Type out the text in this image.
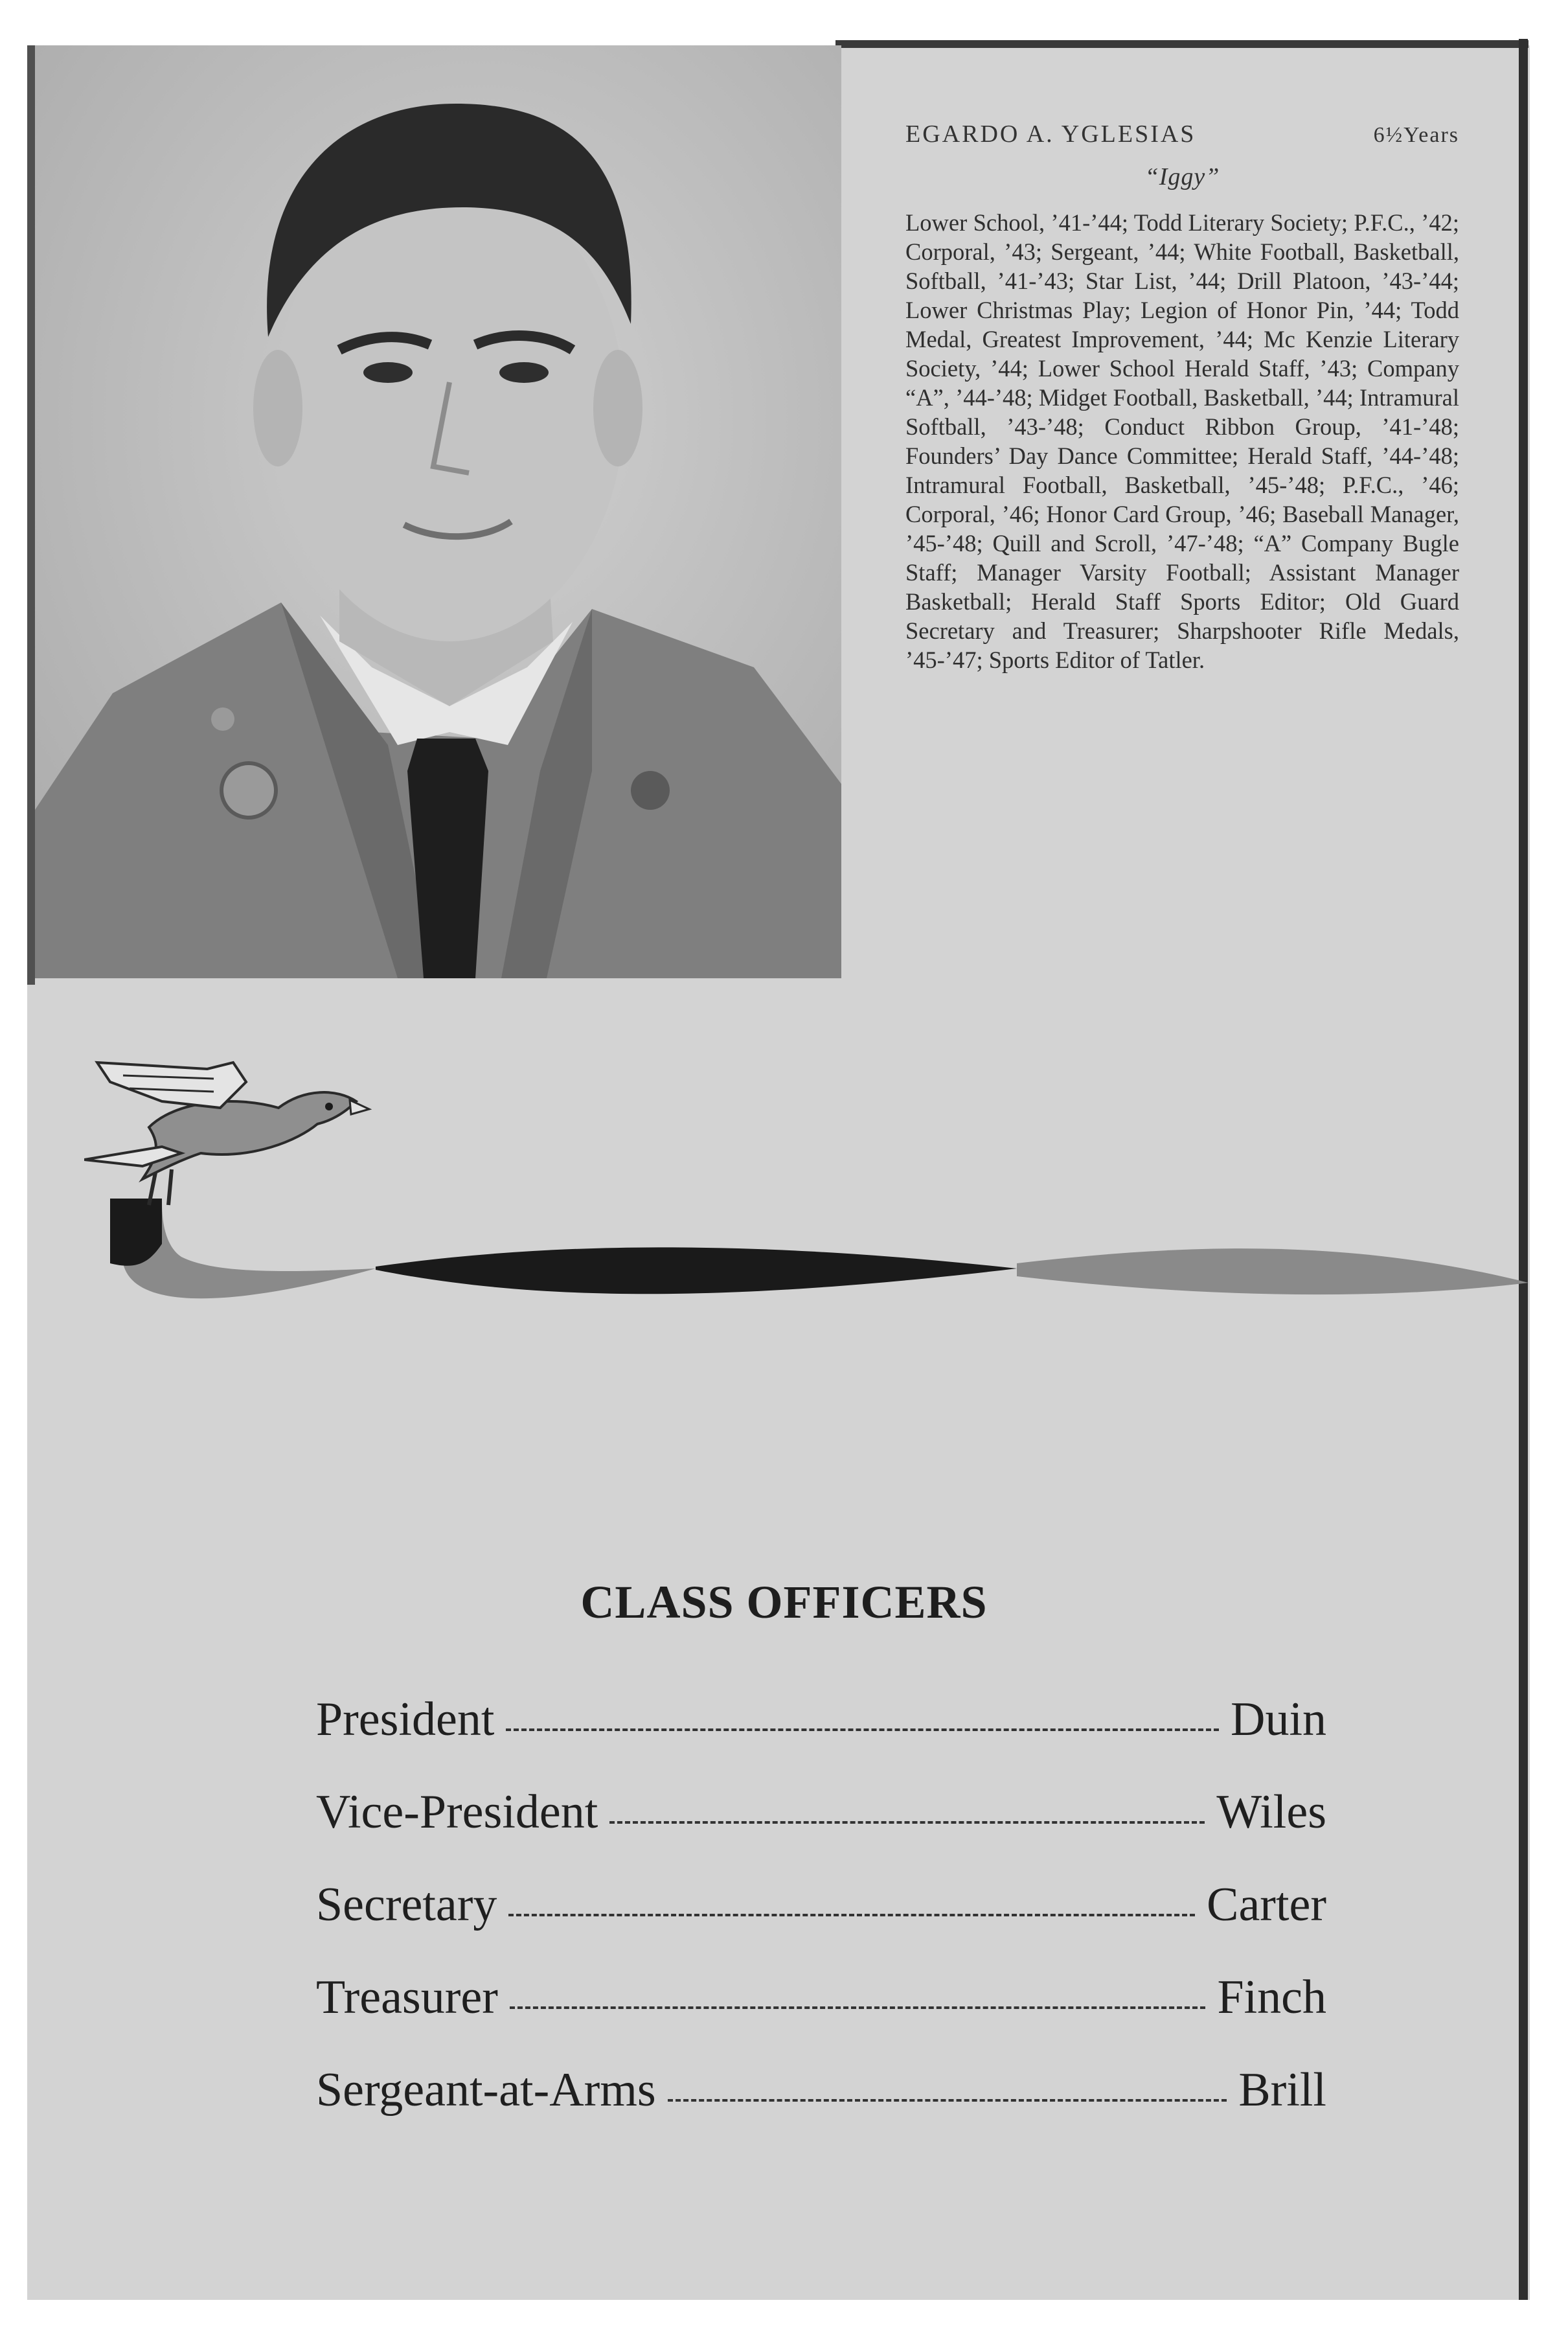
EGARDO A. YGLESIAS	6½Years
“Iggy”
Lower School, ’41-’44; Todd Literary Society; P.F.C., ’42; Corporal, ’43; Sergeant, ’44; White Football, Basketball, Softball, ’41-’43; Star List, ’44; Drill Platoon, ’43-’44; Lower Christmas Play; Legion of Honor Pin, ’44; Todd Medal, Greatest Improvement, ’44; Mc Kenzie Literary Society, ’44; Lower School Herald Staff, ’43; Company “A”, ’44-’48; Midget Football, Basketball, ’44; Intramural Softball, ’43-’48; Conduct Ribbon Group, ’41-’48; Founders’ Day Dance Committee; Herald Staff, ’44-’48; Intramural Football, Basketball, ’45-’48; P.F.C., ’46; Corporal, ’46; Honor Card Group, ’46; Baseball Manager, ’45-’48; Quill and Scroll, ’47-’48; “A” Company Bugle Staff; Manager Varsity Football; Assistant Manager Basketball; Herald Staff Sports Editor; Old Guard Secretary and Treasurer; Sharpshooter Rifle Medals, ’45-’47; Sports Editor of Tatler.
CLASS OFFICERS
President	Duin
Vice-President	Wiles
Secretary	Carter
Treasurer	Finch
Sergeant-at-Arms	Brill
